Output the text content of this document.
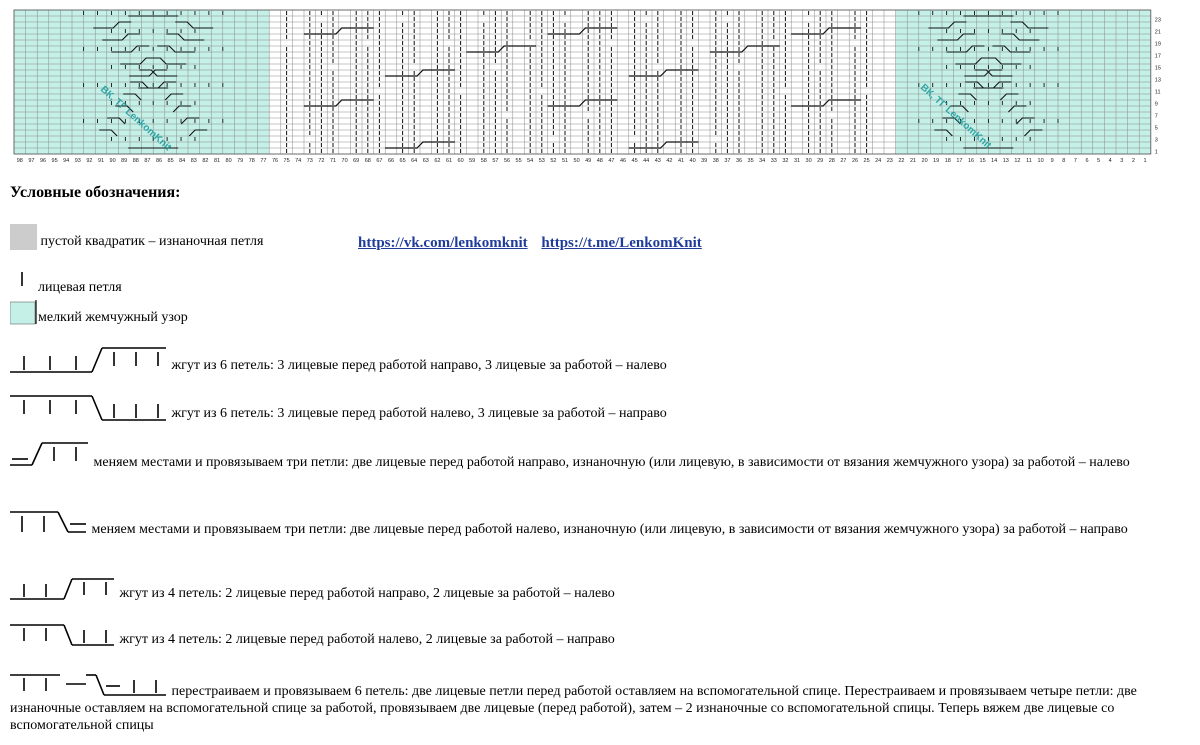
ВК, ТГ LenkomKnit	ВК, ТГ LenkomKnit
1
3
5
7
9
11
13
15
17
19
21
23
98 97 96 95 94 93 92 91 90 89 88 87 86 85 84 83 82 81 80 79 78 77 76 75 74 73 72 71 70 69 68 67 66 65 64 63 62 61 60 59 58 57 56 55 54 53 52 51 50 49 48 47 46 45 44 43 42 41 40 39 38 37 36 35 34 33 32 31 30 29 28 27 26 25 24 23 22 21 20 19 18 17 16 15 14 13 12 11 10 9 8 7 6 5 4 3 2 1
Условные обозначения:
https://vk.com/lenkomknit https://t.me/LenkomKnit
пустой квадратик – изнаночная петля
лицевая петля
мелкий жемчужный узор
жгут из 6 петель: 3 лицевые перед работой направо, 3 лицевые за работой – налево
жгут из 6 петель: 3 лицевые перед работой налево, 3 лицевые за работой – направо
меняем местами и провязываем три петли: две лицевые перед работой направо, изнаночную (или лицевую, в зависимости от вязания жемчужного узора) за работой – налево
меняем местами и провязываем три петли: две лицевые перед работой налево, изнаночную (или лицевую, в зависимости от вязания жемчужного узора) за работой – направо
жгут из 4 петель: 2 лицевые перед работой направо, 2 лицевые за работой – налево
жгут из 4 петель: 2 лицевые перед работой налево, 2 лицевые за работой – направо
перестраиваем и провязываем 6 петель: две лицевые петли перед работой оставляем на вспомогательной спице. Перестраиваем и провязываем четыре петли: две изнаночные оставляем на вспомогательной спице за работой, провязываем две лицевые (перед работой), затем – 2 изнаночные со вспомогательной спицы. Теперь вяжем две лицевые со вспомогательной спицы
